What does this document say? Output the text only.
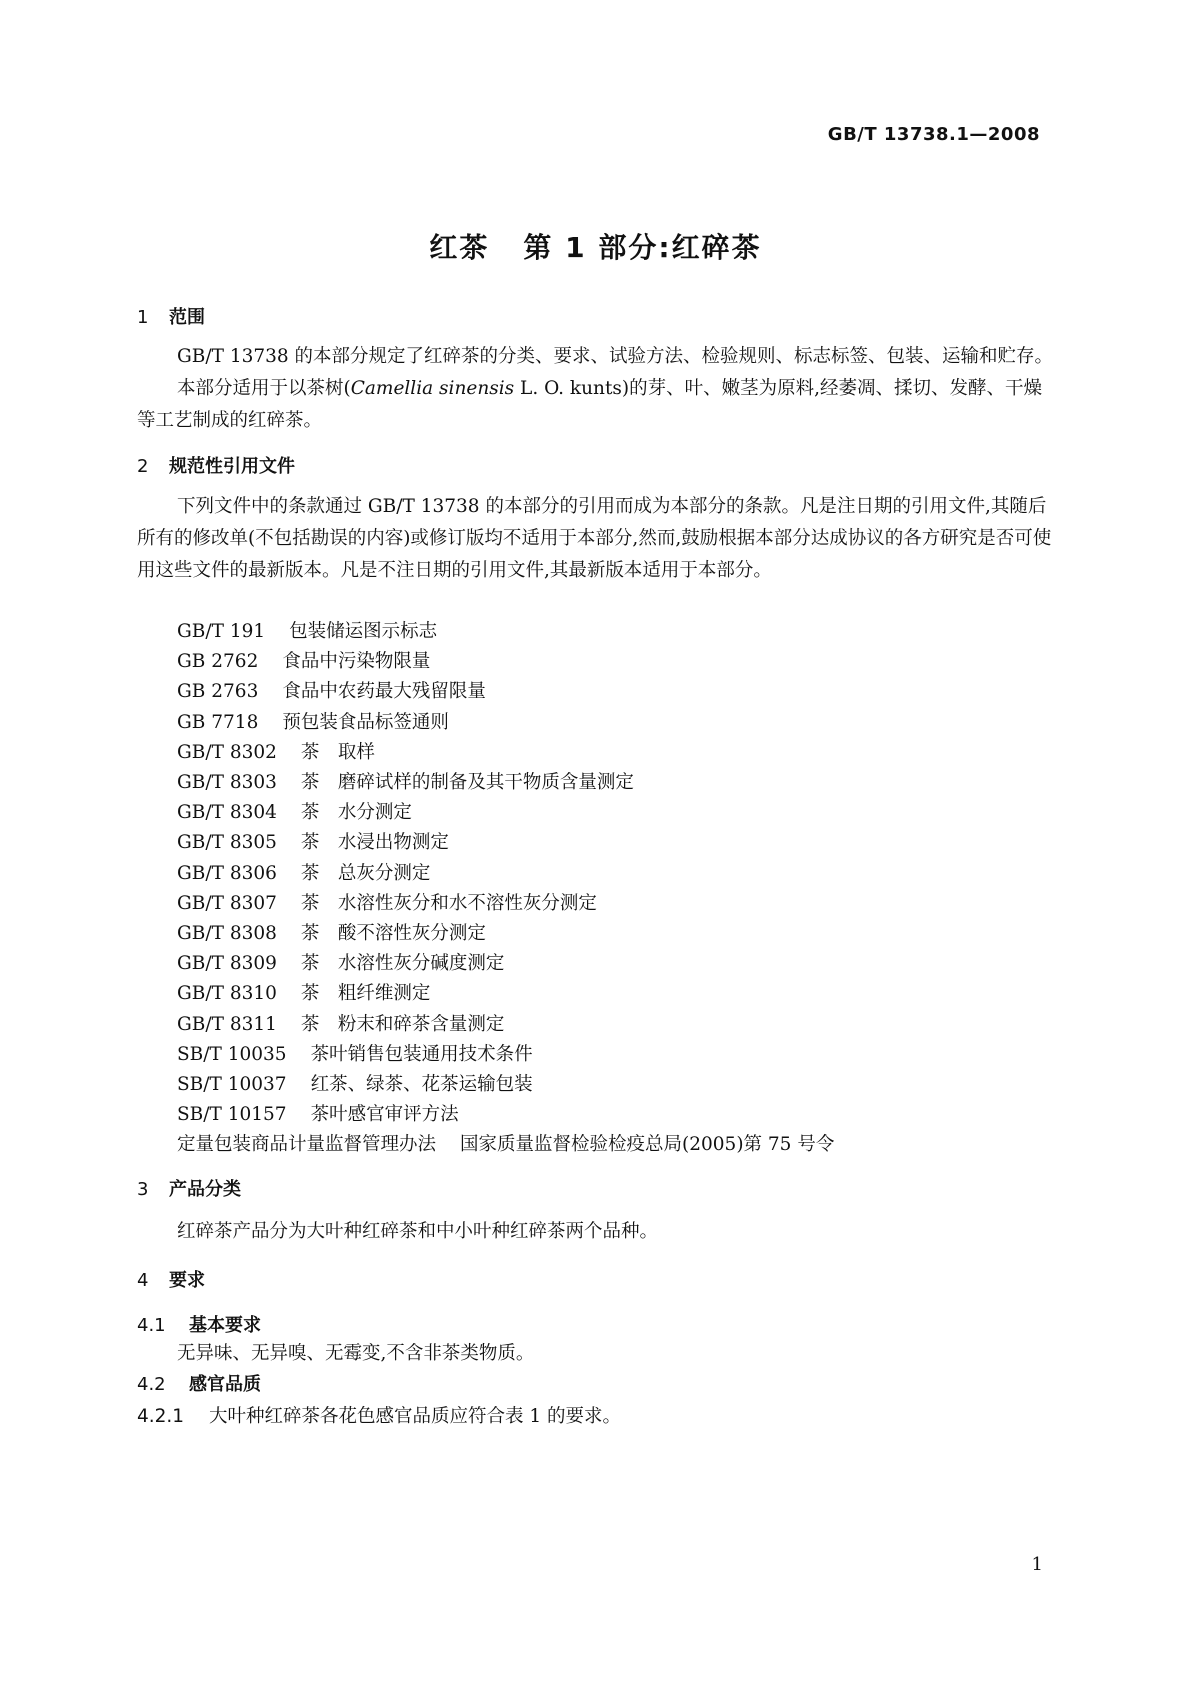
GB/T 13738.1—2008
红茶 第 1 部分:红碎茶
1 范围
GB/T 13738 的本部分规定了红碎茶的分类、要求、试验方法、检验规则、标志标签、包装、运输和贮存。
本部分适用于以茶树(Camellia sinensis L. O. kunts)的芽、叶、嫩茎为原料,经萎凋、揉切、发酵、干燥等工艺制成的红碎茶。
2 规范性引用文件
下列文件中的条款通过 GB/T 13738 的本部分的引用而成为本部分的条款。凡是注日期的引用文件,其随后所有的修改单(不包括勘误的内容)或修订版均不适用于本部分,然而,鼓励根据本部分达成协议的各方研究是否可使用这些文件的最新版本。凡是不注日期的引用文件,其最新版本适用于本部分。
GB/T 191 包装储运图示标志
GB 2762 食品中污染物限量
GB 2763 食品中农药最大残留限量
GB 7718 预包装食品标签通则
GB/T 8302 茶　取样
GB/T 8303 茶　磨碎试样的制备及其干物质含量测定
GB/T 8304 茶　水分测定
GB/T 8305 茶　水浸出物测定
GB/T 8306 茶　总灰分测定
GB/T 8307 茶　水溶性灰分和水不溶性灰分测定
GB/T 8308 茶　酸不溶性灰分测定
GB/T 8309 茶　水溶性灰分碱度测定
GB/T 8310 茶　粗纤维测定
GB/T 8311 茶　粉末和碎茶含量测定
SB/T 10035 茶叶销售包装通用技术条件
SB/T 10037 红茶、绿茶、花茶运输包装
SB/T 10157 茶叶感官审评方法
定量包装商品计量监督管理办法 国家质量监督检验检疫总局(2005)第 75 号令
3 产品分类
红碎茶产品分为大叶种红碎茶和中小叶种红碎茶两个品种。
4 要求
4.1 基本要求
无异味、无异嗅、无霉变,不含非茶类物质。
4.2 感官品质
4.2.1 大叶种红碎茶各花色感官品质应符合表 1 的要求。
1
